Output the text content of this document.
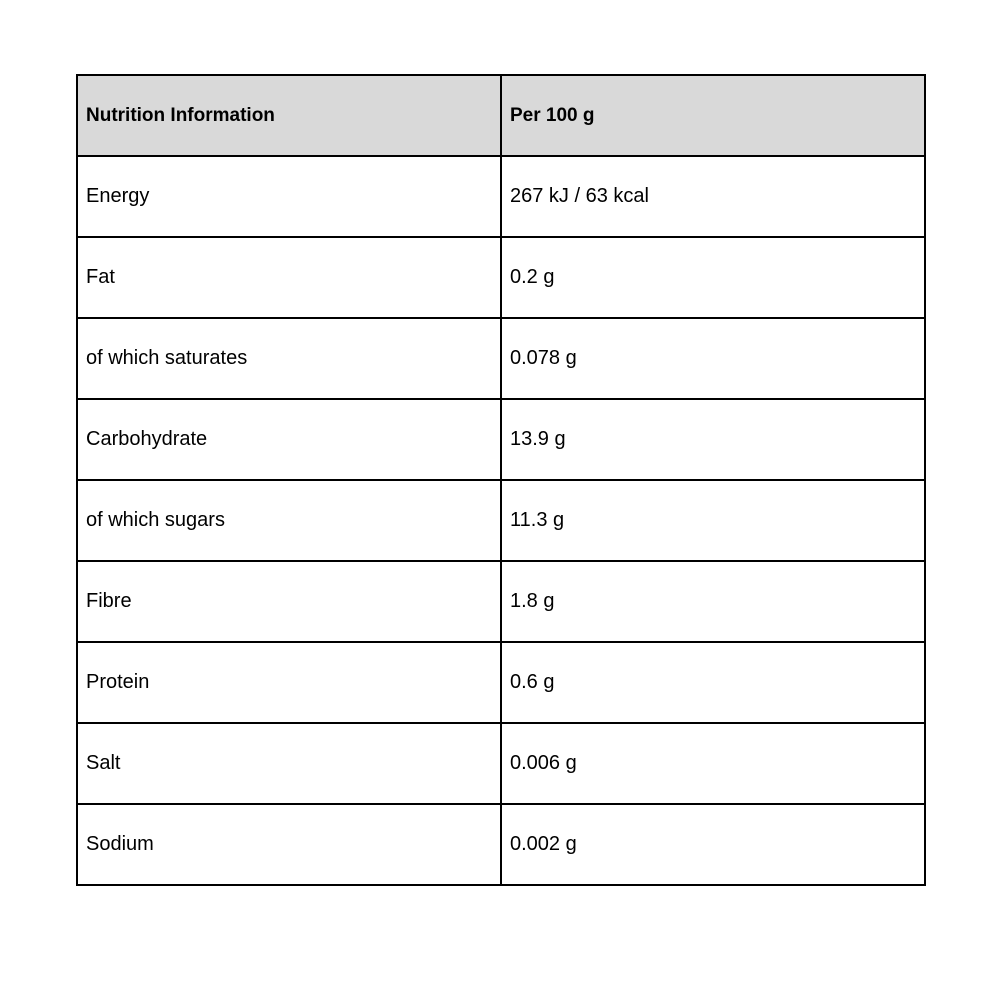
Nutrition Information	Per 100 g
Energy	267 kJ / 63 kcal
Fat	0.2 g
of which saturates	0.078 g
Carbohydrate	13.9 g
of which sugars	11.3 g
Fibre	1.8 g
Protein	0.6 g
Salt	0.006 g
Sodium	0.002 g
